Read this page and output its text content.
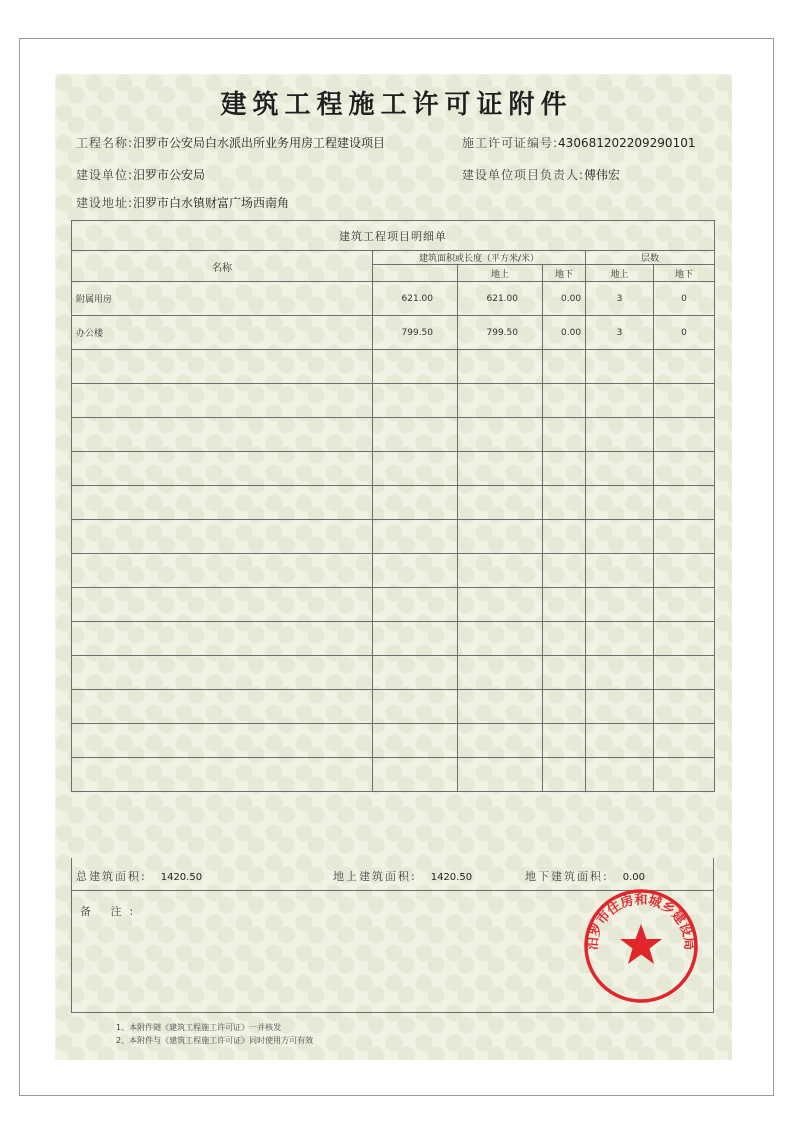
建筑工程施工许可证附件
工程名称:汨罗市公安局白水派出所业务用房工程建设项目	施工许可证编号:430681202209290101
建设单位:汨罗市公安局	建设单位项目负责人:傅伟宏
建设地址:汨罗市白水镇财富广场西南角
建筑工程项目明细单					
名称	建筑面积或长度（平方米/米）			层数	
		地上	地下	地上	地下
附属用房	621.00	621.00	0.00	3	0
办公楼	799.50	799.50	0.00	3	0

总建筑面积: 1420.50	地上建筑面积: 1420.50	地下建筑面积: 0.00
备 注:
1、本附件随《建筑工程施工许可证》一并核发
2、本附件与《建筑工程施工许可证》同时使用方可有效
汨罗市住房和城乡建设局
